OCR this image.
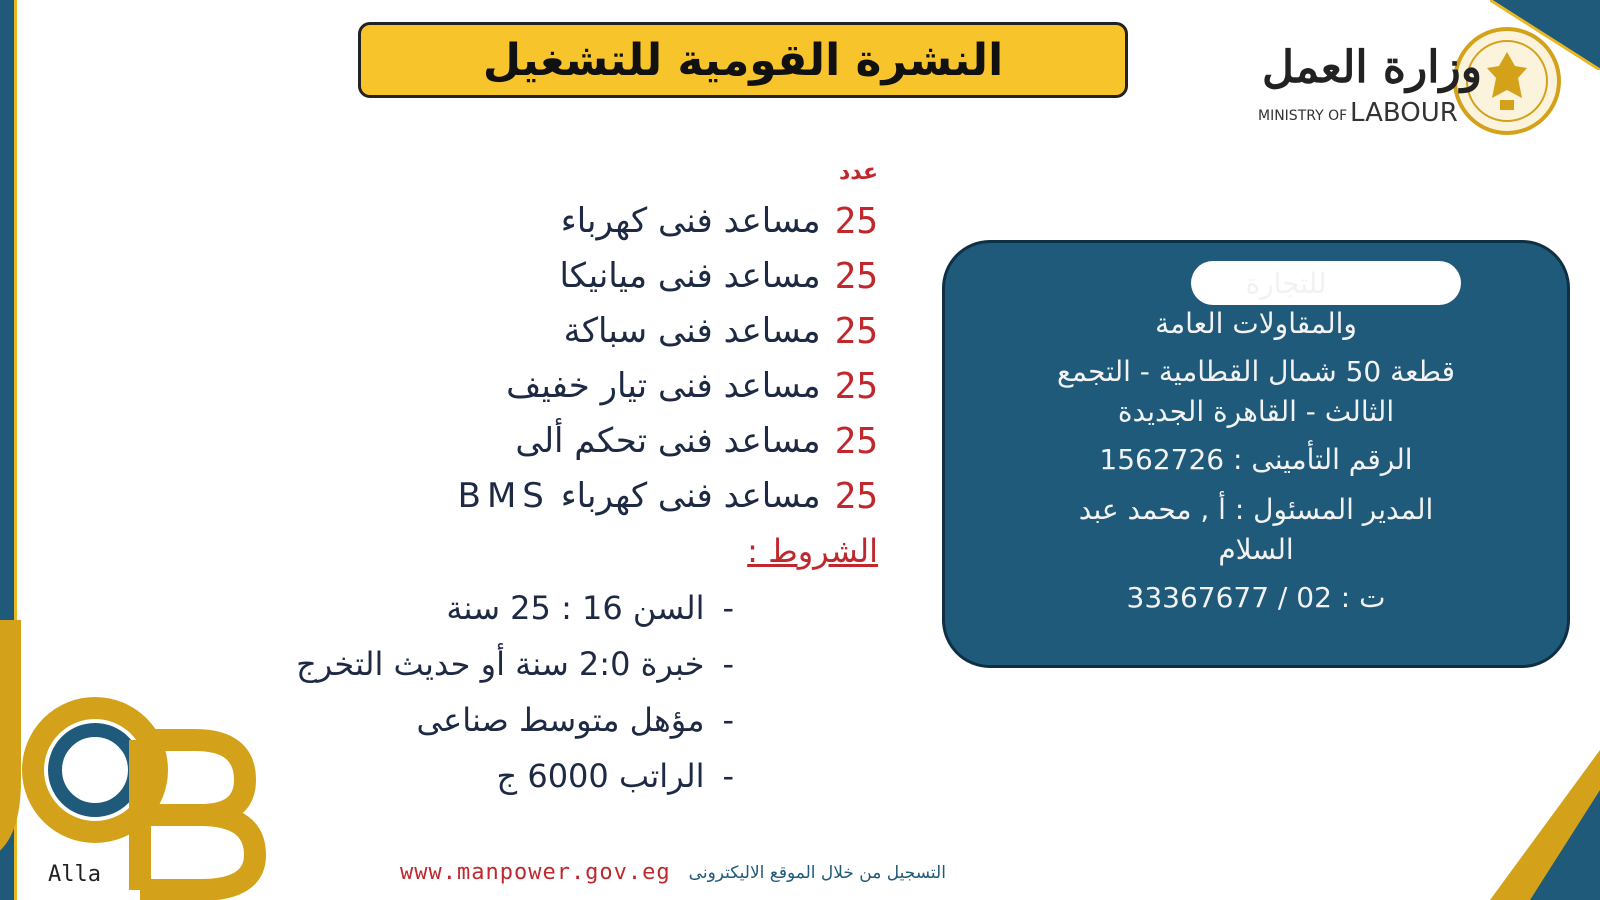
النشرة القومية للتشغيل	وزارة العمل
MINISTRY OF LABOUR
عدد
25
مساعد فنى كهرباء
25
مساعد فنى ميانيكا
25
مساعد فنى سباكة
25
مساعد فنى تيار خفيف
25
مساعد فنى تحكم ألى
25
مساعد فنى كهرباء BMS
الشروط :
-
السن 16 : 25 سنة
-
خبرة 2:0 سنة أو حديث التخرج
-
مؤهل متوسط صناعى
-
الراتب 6000 ج
للتجارة
والمقاولات العامة
قطعة 50 شمال القطامية - التجمع
الثالث - القاهرة الجديدة
الرقم التأمينى : 1562726
المدير المسئول : أ , محمد عبد
السلام
ت : 02 / 33367677
Alla	www.manpower.gov.eg التسجيل من خلال الموقع الاليكترونى
